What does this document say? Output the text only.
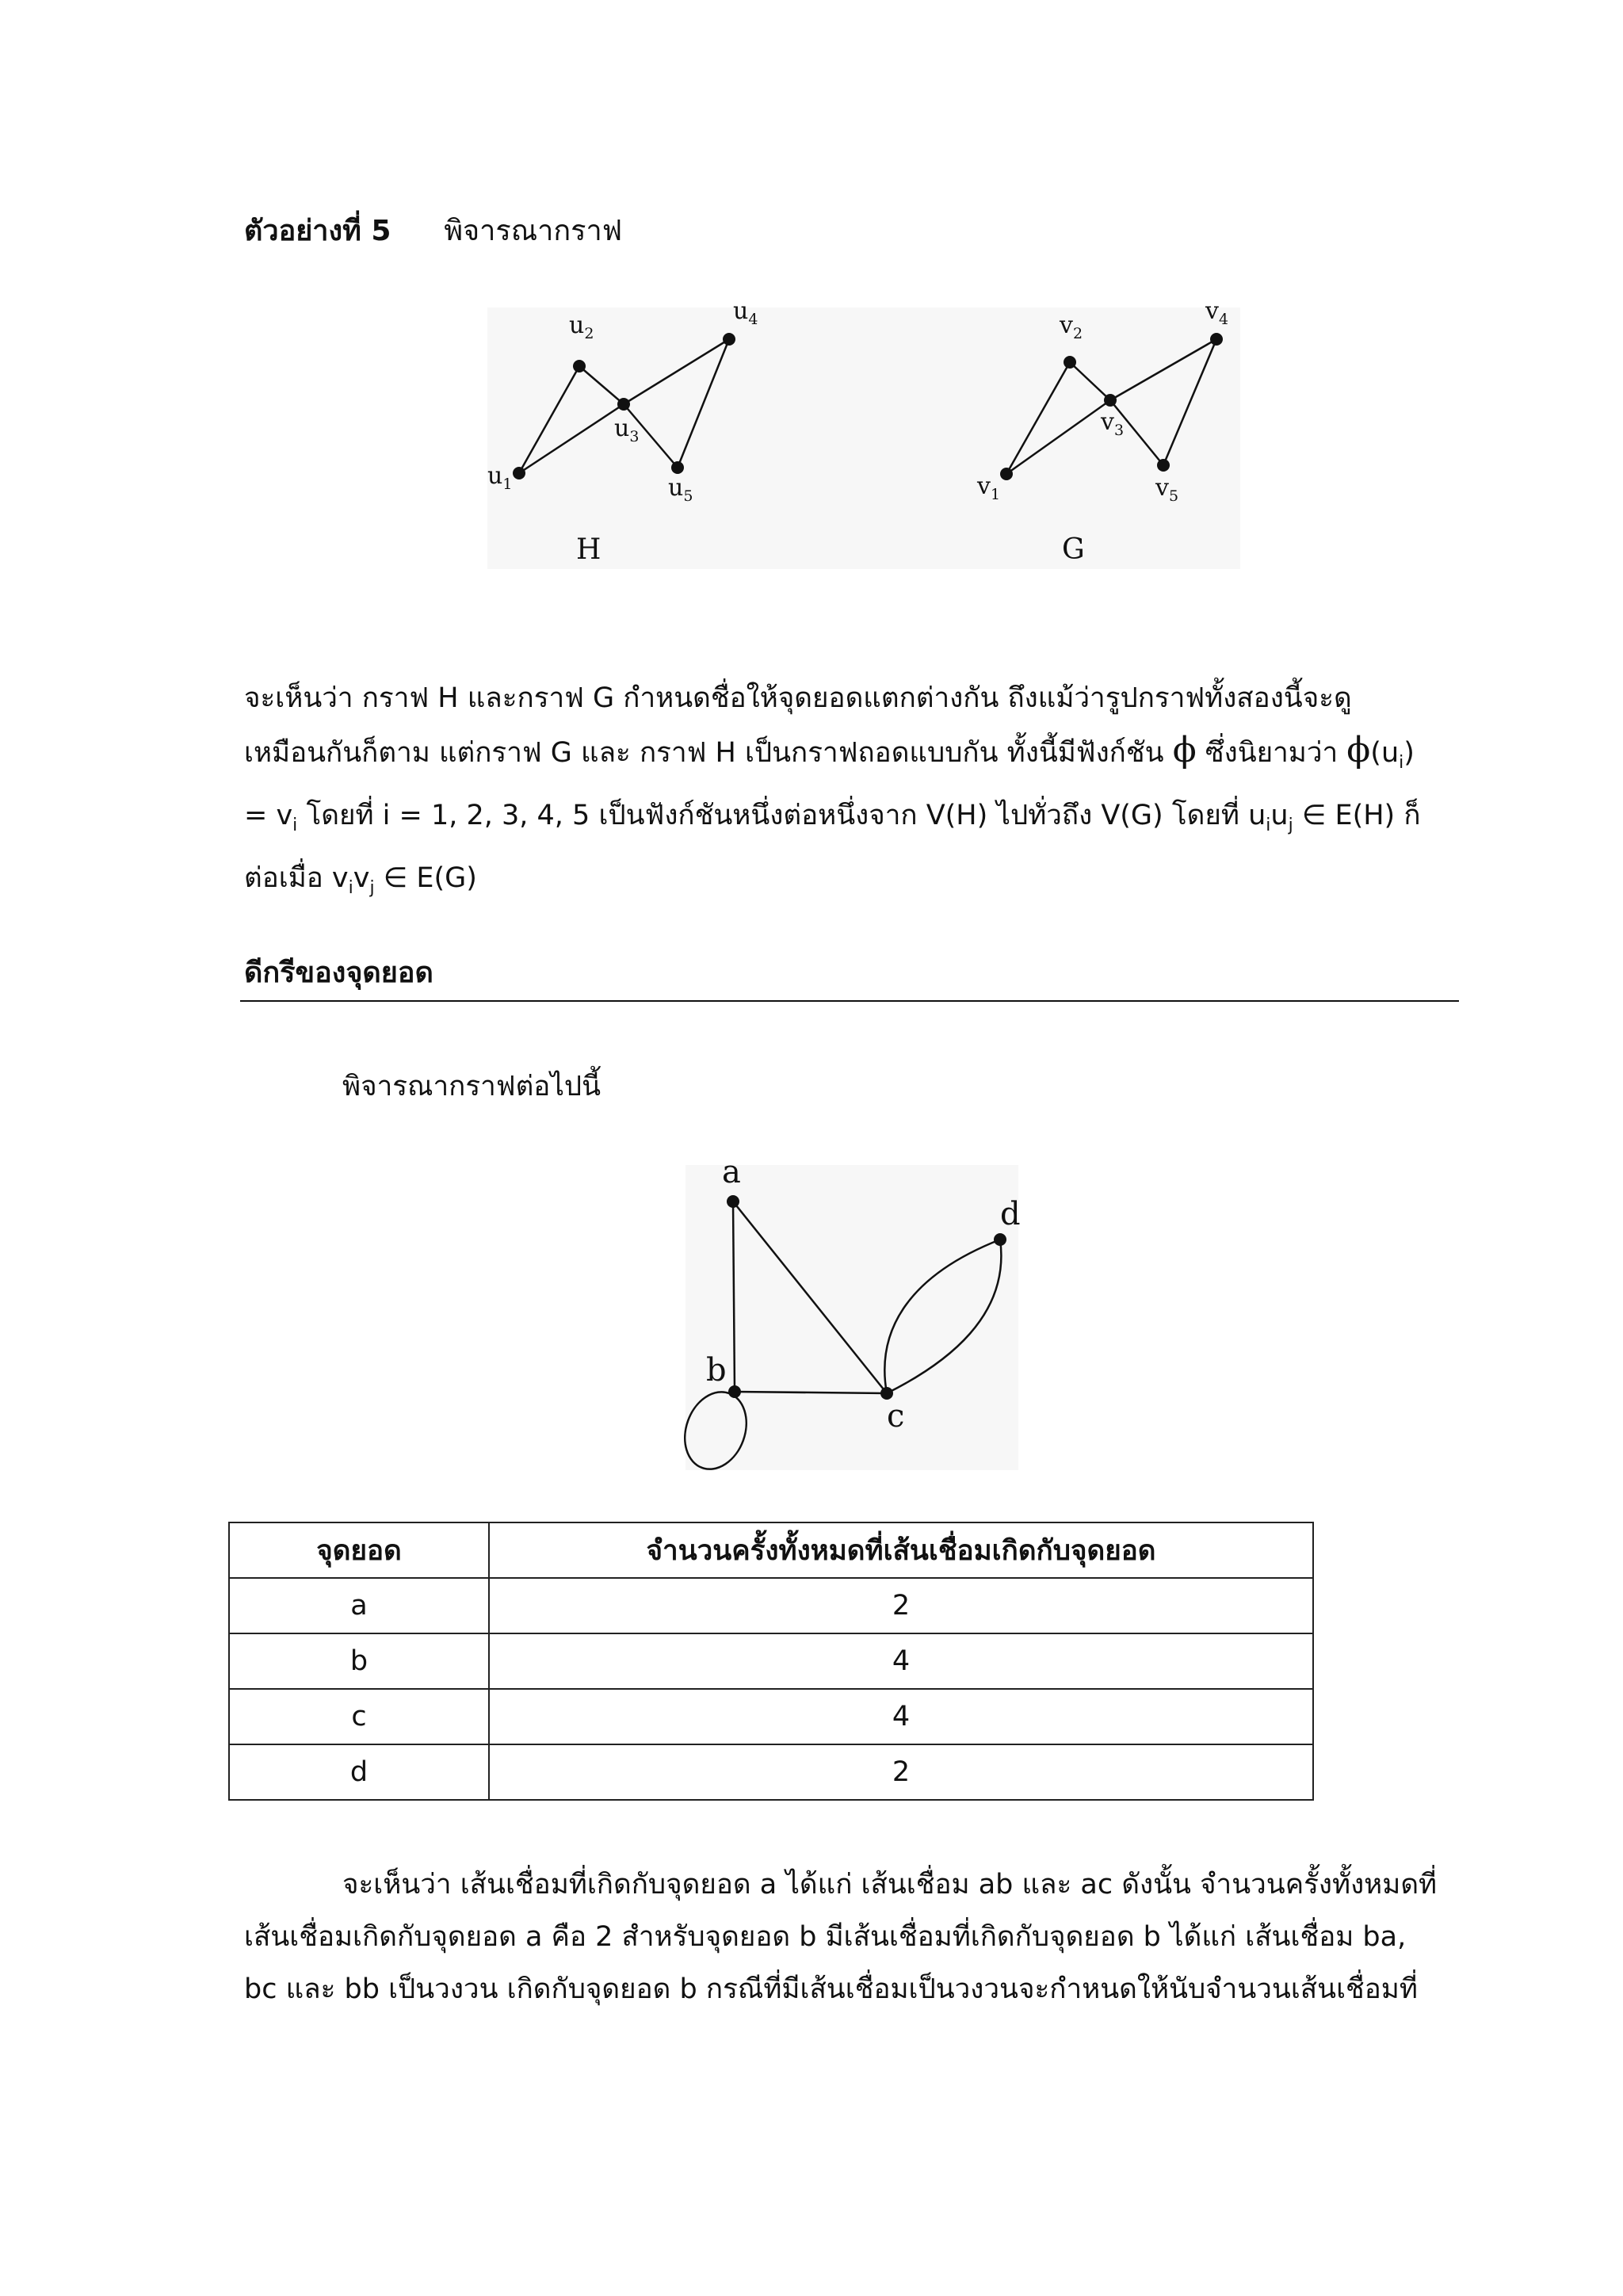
ตัวอย่างที่ 5 พิจารณากราฟ
$u_1$
$u_2$
$u_3$
$u_4$
$u_5$
H
$v_1$
$v_2$
$v_3$
$v_4$
$v_5$
G
จะเห็นว่า กราฟ H และกราฟ G กำหนดชื่อให้จุดยอดแตกต่างกัน ถึงแม้ว่ารูปกราฟทั้งสองนี้จะดู
เหมือนกันก็ตาม แต่กราฟ G และ กราฟ H เป็นกราฟถอดแบบกัน ทั้งนี้มีฟังก์ชัน ϕ ซึ่งนิยามว่า $\phi(u_i)$
= $v_i$ โดยที่ i = 1, 2, 3, 4, 5 เป็นฟังก์ชันหนึ่งต่อหนึ่งจาก V(H) ไปทั่วถึง V(G) โดยที่ $u_iu_j$ ∈ E(H) ก็
ต่อเมื่อ $v_iv_j$ ∈ E(G)
ดีกรีของจุดยอด
พิจารณากราฟต่อไปนี้
a
b
c
d
จุดยอด	จำนวนครั้งทั้งหมดที่เส้นเชื่อมเกิดกับจุดยอด
a	2
b	4
c	4
d	2
จะเห็นว่า เส้นเชื่อมที่เกิดกับจุดยอด a ได้แก่ เส้นเชื่อม ab และ ac ดังนั้น จำนวนครั้งทั้งหมดที่
เส้นเชื่อมเกิดกับจุดยอด a คือ 2 สำหรับจุดยอด b มีเส้นเชื่อมที่เกิดกับจุดยอด b ได้แก่ เส้นเชื่อม ba,
bc และ bb เป็นวงวน เกิดกับจุดยอด b กรณีที่มีเส้นเชื่อมเป็นวงวนจะกำหนดให้นับจำนวนเส้นเชื่อมที่
